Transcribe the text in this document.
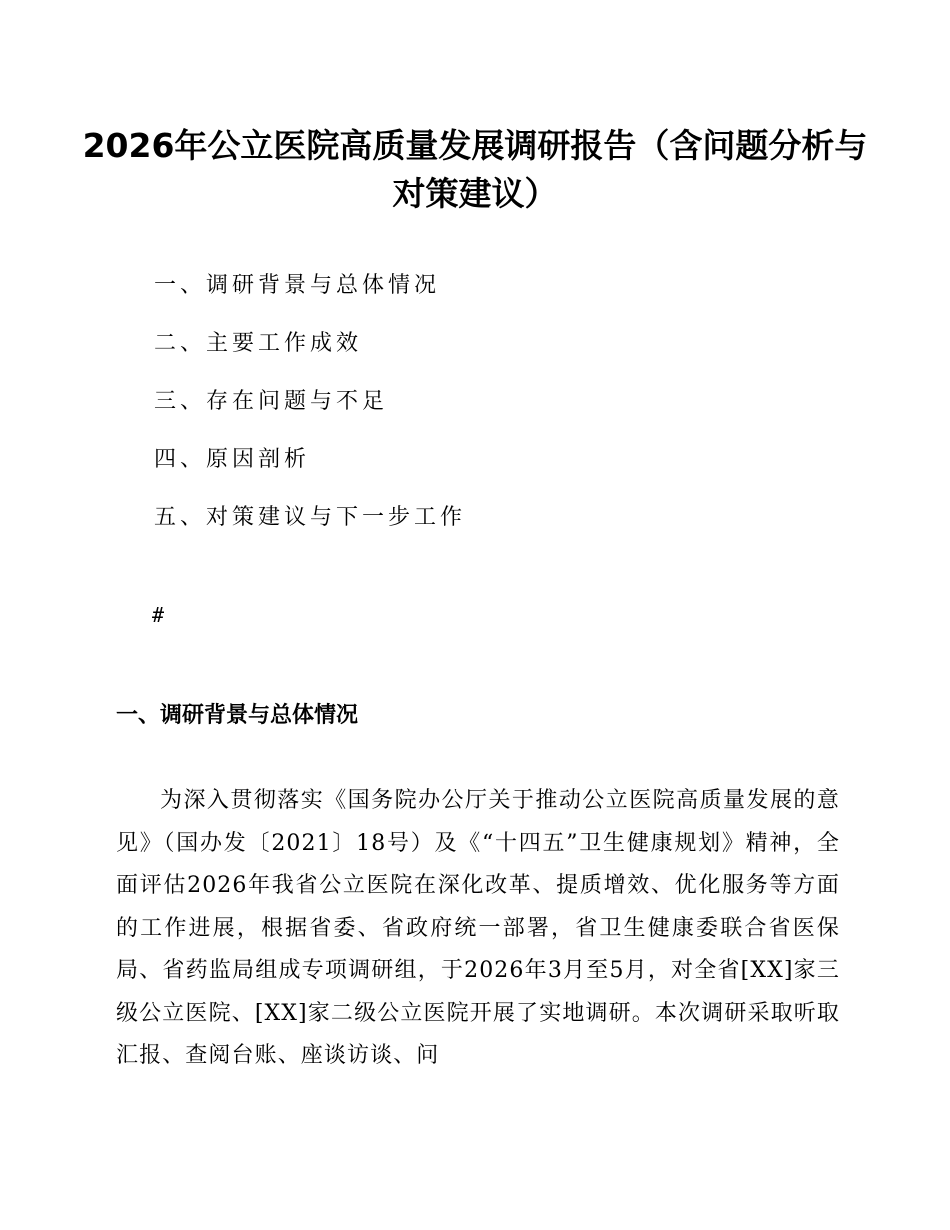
2026年公立医院高质量发展调研报告（含问题分析与对策建议）
一、调研背景与总体情况
二、主要工作成效
三、存在问题与不足
四、原因剖析
五、对策建议与下一步工作
#
一、调研背景与总体情况

为深入贯彻落实《国务院办公厅关于推动公立医院高质量发展的意见》（国办发〔2021〕18号）及《“十四五”卫生健康规划》精神，全面评估2026年我省公立医院在深化改革、提质增效、优化服务等方面的工作进展，根据省委、省政府统一部署，省卫生健康委联合省医保局、省药监局组成专项调研组，于2026年3月至5月，对全省[XX]家三级公立医院、[XX]家二级公立医院开展了实地调研。本次调研采取听取汇报、查阅台账、座谈访谈、问
